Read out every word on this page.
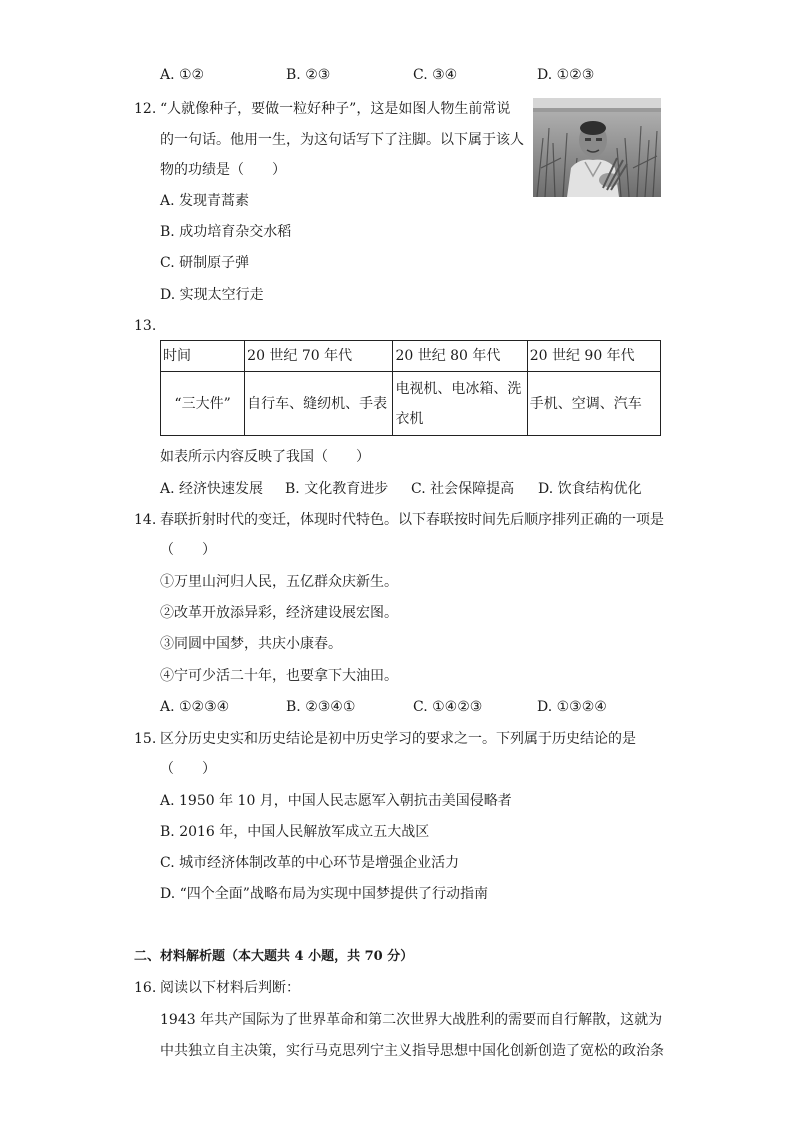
A. ①②	B. ②③	C. ③④	D. ①②③
12. “人就像种子，要做一粒好种子”，这是如图人物生前常说
的一句话。他用一生，为这句话写下了注脚。以下属于该人
物的功绩是（　　）
A. 发现青蒿素
B. 成功培育杂交水稻
C. 研制原子弹
D. 实现太空行走
13.
时间	20 世纪 70 年代	20 世纪 80 年代	20 世纪 90 年代
“三大件”	自行车、缝纫机、手表	电视机、电冰箱、洗衣机	手机、空调、汽车
如表所示内容反映了我国（　　）
A. 经济快速发展 B. 文化教育进步 C. 社会保障提高 D. 饮食结构优化
14. 春联折射时代的变迁，体现时代特色。以下春联按时间先后顺序排列正确的一项是
（　　）
①万里山河归人民，五亿群众庆新生。
②改革开放添异彩，经济建设展宏图。
③同圆中国梦，共庆小康春。
④宁可少活二十年，也要拿下大油田。
A. ①②③④	B. ②③④①	C. ①④②③	D. ①③②④
15. 区分历史史实和历史结论是初中历史学习的要求之一。下列属于历史结论的是
（　　）
A. 1950 年 10 月，中国人民志愿军入朝抗击美国侵略者
B. 2016 年，中国人民解放军成立五大战区
C. 城市经济体制改革的中心环节是增强企业活力
D. “四个全面”战略布局为实现中国梦提供了行动指南
二、材料解析题（本大题共 4 小题，共 70 分）
16. 阅读以下材料后判断：
1943 年共产国际为了世界革命和第二次世界大战胜利的需要而自行解散，这就为
中共独立自主决策，实行马克思列宁主义指导思想中国化创新创造了宽松的政治条
